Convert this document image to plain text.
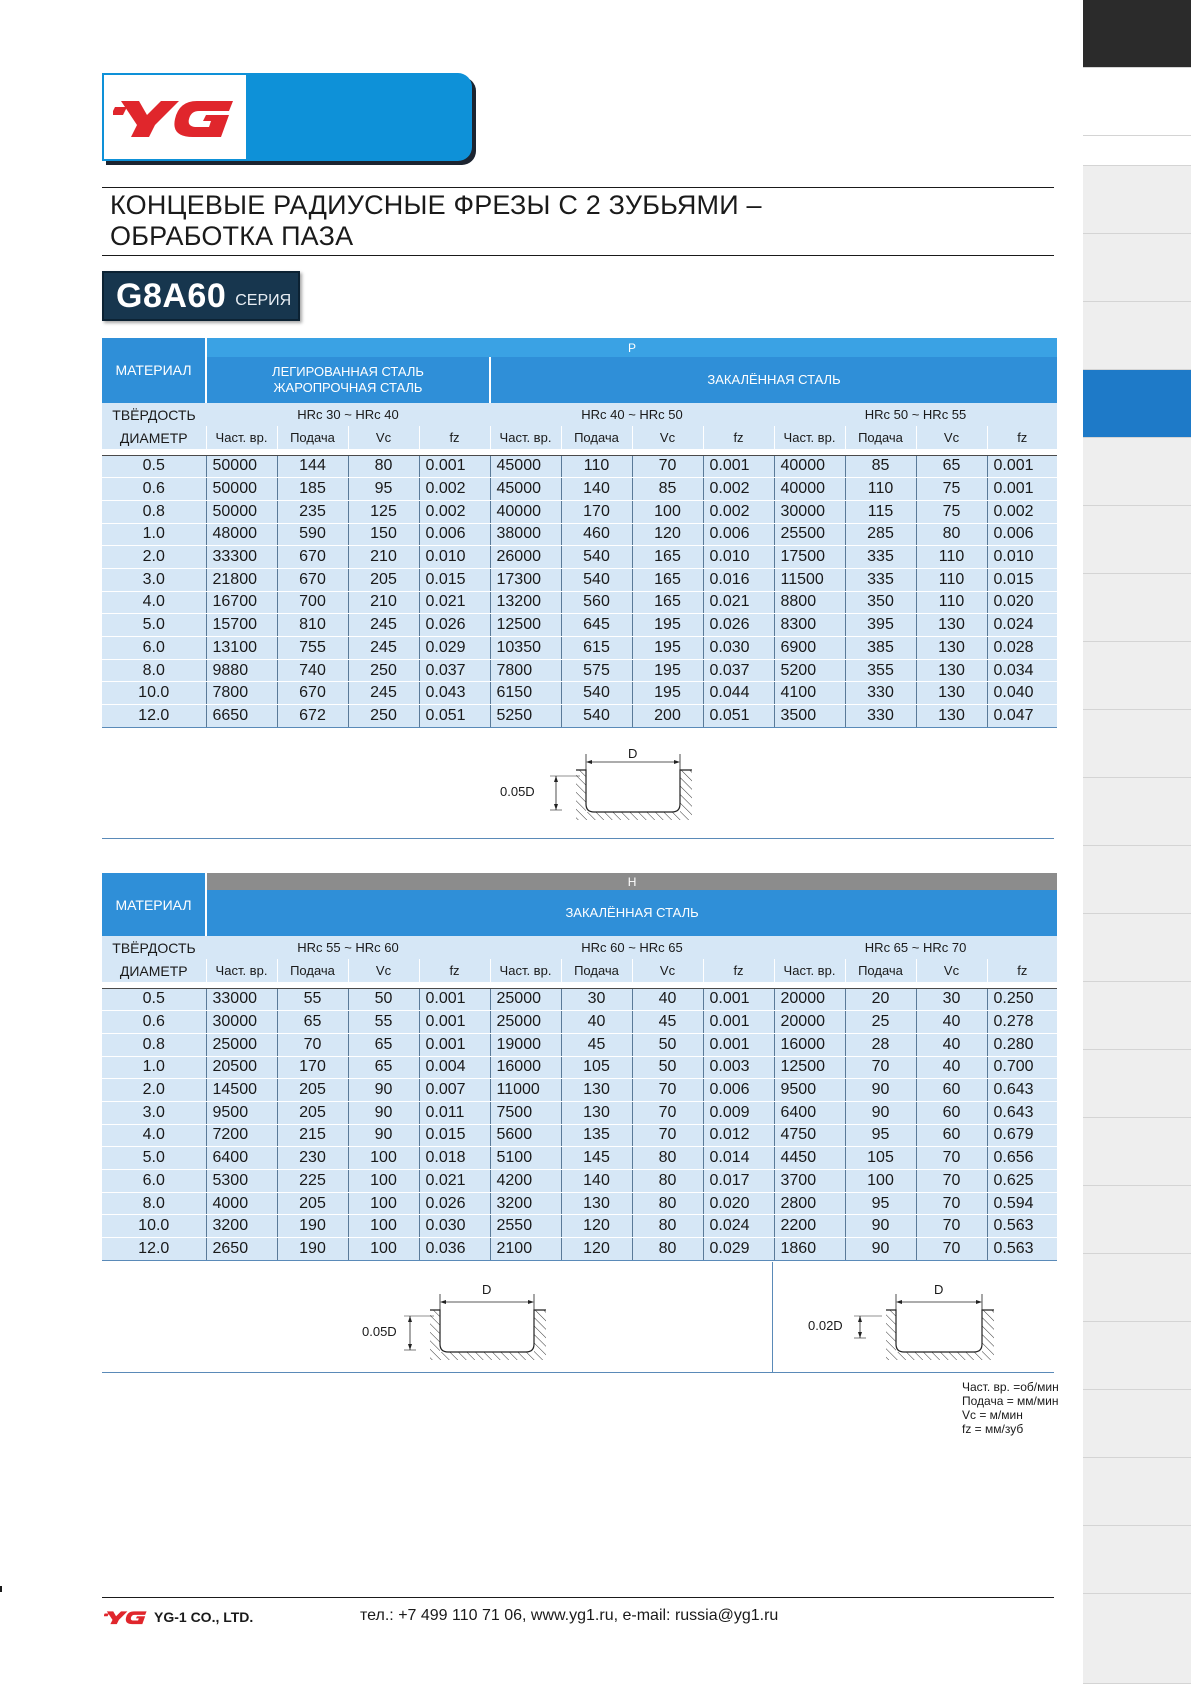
КОНЦЕВЫЕ РАДИУСНЫЕ ФРЕЗЫ С 2 ЗУБЬЯМИ –
ОБРАБОТКА ПАЗА
G8A60 СЕРИЯ
МАТЕРИАЛ	P											

	ЛЕГИРОВАННАЯ СТАЛЬ
ЖАРОПРОЧНАЯ СТАЛЬ				ЗАКАЛЁННАЯ СТАЛЬ							
ТВЁРДОСТЬ	HRc 30 ~ HRc 40				HRc 40 ~ HRc 50				HRc 50 ~ HRc 55			
ДИАМЕТР	Част. вр.	Подача	Vc	fz	Част. вр.	Подача	Vc	fz	Част. вр.	Подача	Vc	fz

0.5	50000	144	80	0.001	45000	110	70	0.001	40000	85	65	0.001
0.6	50000	185	95	0.002	45000	140	85	0.002	40000	110	75	0.001
0.8	50000	235	125	0.002	40000	170	100	0.002	30000	115	75	0.002
1.0	48000	590	150	0.006	38000	460	120	0.006	25500	285	80	0.006
2.0	33300	670	210	0.010	26000	540	165	0.010	17500	335	110	0.010
3.0	21800	670	205	0.015	17300	540	165	0.016	11500	335	110	0.015
4.0	16700	700	210	0.021	13200	560	165	0.021	8800	350	110	0.020
5.0	15700	810	245	0.026	12500	645	195	0.026	8300	395	130	0.024
6.0	13100	755	245	0.029	10350	615	195	0.030	6900	385	130	0.028
8.0	9880	740	250	0.037	7800	575	195	0.037	5200	355	130	0.034
10.0	7800	670	245	0.043	6150	540	195	0.044	4100	330	130	0.040
12.0	6650	672	250	0.051	5250	540	200	0.051	3500	330	130	0.047
0.05D
D
МАТЕРИАЛ	H											
	ЗАКАЛЁННАЯ СТАЛЬ											
ТВЁРДОСТЬ	HRc 55 ~ HRc 60				HRc 60 ~ HRc 65				HRc 65 ~ HRc 70			
ДИАМЕТР	Част. вр.	Подача	Vc	fz	Част. вр.	Подача	Vc	fz	Част. вр.	Подача	Vc	fz

0.5	33000	55	50	0.001	25000	30	40	0.001	20000	20	30	0.250
0.6	30000	65	55	0.001	25000	40	45	0.001	20000	25	40	0.278
0.8	25000	70	65	0.001	19000	45	50	0.001	16000	28	40	0.280
1.0	20500	170	65	0.004	16000	105	50	0.003	12500	70	40	0.700
2.0	14500	205	90	0.007	11000	130	70	0.006	9500	90	60	0.643
3.0	9500	205	90	0.011	7500	130	70	0.009	6400	90	60	0.643
4.0	7200	215	90	0.015	5600	135	70	0.012	4750	95	60	0.679
5.0	6400	230	100	0.018	5100	145	80	0.014	4450	105	70	0.656
6.0	5300	225	100	0.021	4200	140	80	0.017	3700	100	70	0.625
8.0	4000	205	100	0.026	3200	130	80	0.020	2800	95	70	0.594
10.0	3200	190	100	0.030	2550	120	80	0.024	2200	90	70	0.563
12.0	2650	190	100	0.036	2100	120	80	0.029	1860	90	70	0.563
0.05D
D
0.02D
D
Част. вр. =об/мин
Подача = мм/мин
Vc = м/мин
fz = мм/зуб
YG-1 CO., LTD.	тел.: +7 499 110 71 06, www.yg1.ru, e-mail: russia@yg1.ru
